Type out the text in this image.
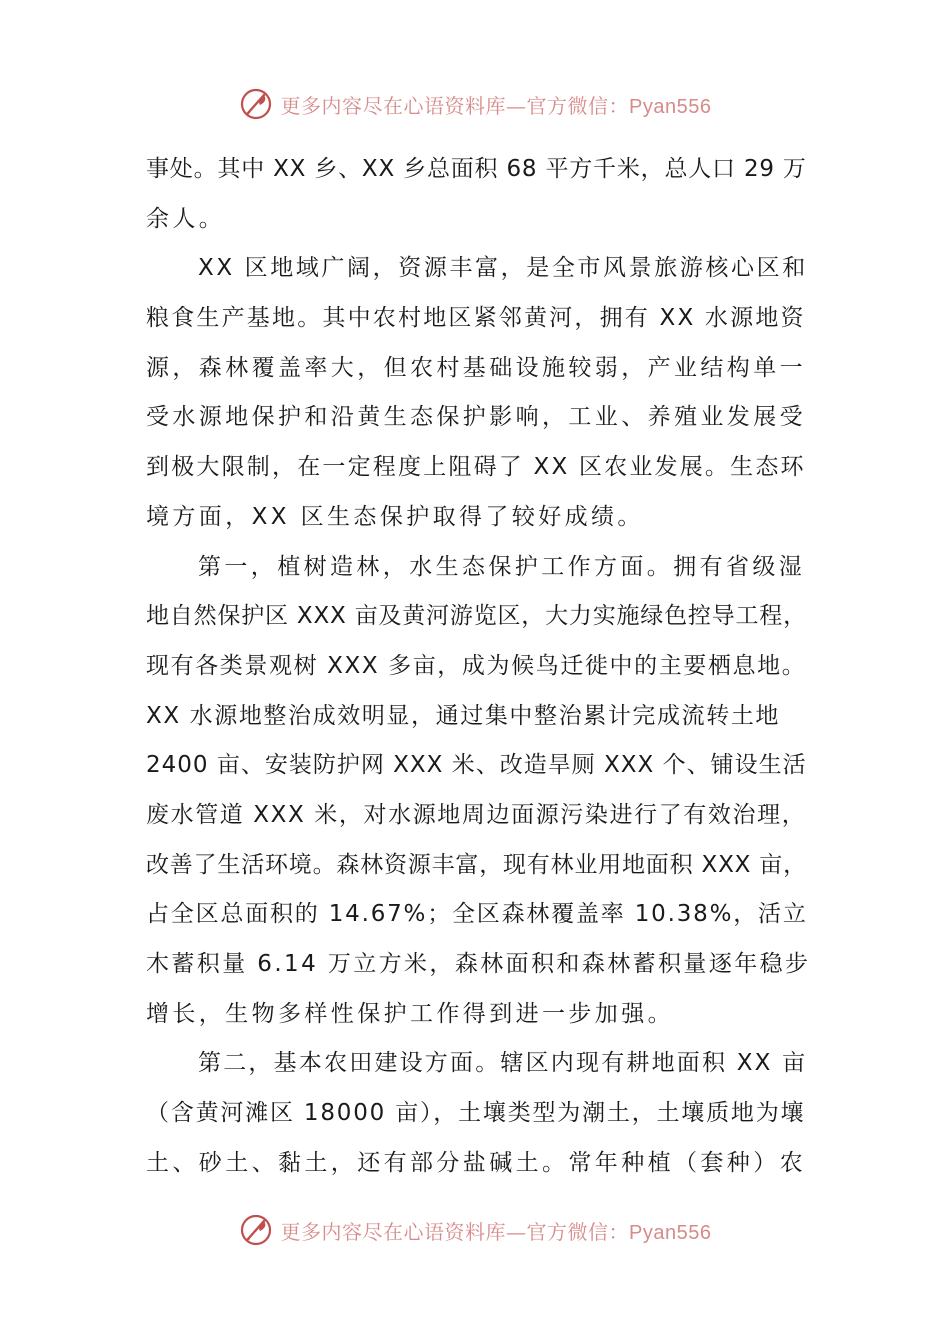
更多内容尽在心语资料库—官方微信：Pyan556
事处。其中 XX 乡、XX 乡总面积 68 平方千米，总人口 29 万
余人。
XX 区地域广阔，资源丰富，是全市风景旅游核心区和
粮食生产基地。其中农村地区紧邻黄河，拥有 XX 水源地资
源，森林覆盖率大，但农村基础设施较弱，产业结构单一
受水源地保护和沿黄生态保护影响，工业、养殖业发展受
到极大限制，在一定程度上阻碍了 XX 区农业发展。生态环
境方面，XX 区生态保护取得了较好成绩。
第一，植树造林，水生态保护工作方面。拥有省级湿
地自然保护区 XXX 亩及黄河游览区，大力实施绿色控导工程，
现有各类景观树 XXX 多亩，成为候鸟迁徙中的主要栖息地。
XX 水源地整治成效明显，通过集中整治累计完成流转土地
2400 亩、安装防护网 XXX 米、改造旱厕 XXX 个、铺设生活
废水管道 XXX 米，对水源地周边面源污染进行了有效治理，
改善了生活环境。森林资源丰富，现有林业用地面积 XXX 亩，
占全区总面积的 14.67%；全区森林覆盖率 10.38%，活立
木蓄积量 6.14 万立方米，森林面积和森林蓄积量逐年稳步
增长，生物多样性保护工作得到进一步加强。
第二，基本农田建设方面。辖区内现有耕地面积 XX 亩
（含黄河滩区 18000 亩），土壤类型为潮土，土壤质地为壤
土、砂土、黏土，还有部分盐碱土。常年种植（套种）农
更多内容尽在心语资料库—官方微信：Pyan556
